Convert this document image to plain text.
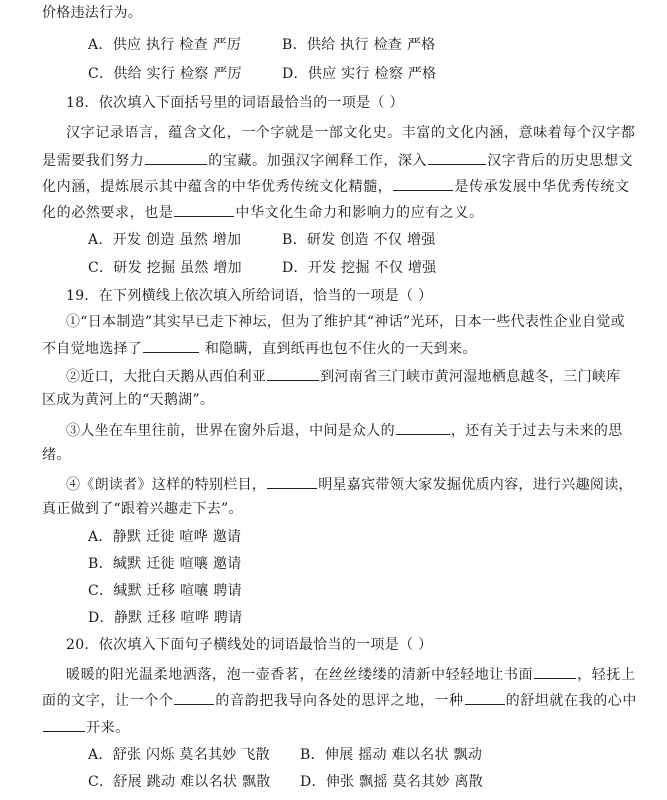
价格违法行为。
A．供应 执行 检查 严厉	B．供给 执行 检查 严格
C．供给 实行 检察 严厉	D．供应 实行 检察 严格
18．依次填入下面括号里的词语最恰当的一项是（ ）
汉字记录语言，蕴含文化，一个字就是一部文化史。丰富的文化内涵，意味着每个汉字都
是需要我们努力	的宝藏。加强汉字阐释工作，深入	汉字背后的历史思想文
化内涵，提炼展示其中蕴含的中华优秀传统文化精髓，	是传承发展中华优秀传统文
化的必然要求，也是	中华文化生命力和影响力的应有之义。
A．开发 创造 虽然 增加	B．研发 创造 不仅 增强
C．研发 挖掘 虽然 增加	D．开发 挖掘 不仅 增强
19．在下列横线上依次填入所给词语，恰当的一项是（ ）
①“日本制造”其实早已走下神坛，但为了维护其“神话”光环，日本一些代表性企业自觉或
不自觉地选择了	和隐瞒，直到纸再也包不住火的一天到来。
②近口，大批白天鹅从西伯利亚	到河南省三门峡市黄河湿地栖息越冬，三门峡库
区成为黄河上的“天鹅湖”。
③人坐在车里往前，世界在窗外后退，中间是众人的	，还有关于过去与未来的思
绪。
④《朗读者》这样的特别栏目，	明星嘉宾带领大家发掘优质内容，进行兴趣阅读，
真正做到了“跟着兴趣走下去”。
A．静默 迁徙 喧哗 邀请
B．缄默 迁徙 喧嚷 邀请
C．缄默 迁移 喧嚷 聘请
D．静默 迁移 喧哗 聘请
20．依次填入下面句子横线处的词语最恰当的一项是（ ）
暖暖的阳光温柔地洒落，泡一壶香茗，在丝丝缕缕的清新中轻轻地让书面	，轻抚上
面的文字，让一个个	的音韵把我导向各处的思评之地，一种	的舒坦就在我的心中
开来。
A．舒张 闪烁 莫名其妙 飞散 B．伸展 摇动 难以名状 飘动
C．舒展 跳动 难以名状 飘散 D．伸张 飘摇 莫名其妙 离散
